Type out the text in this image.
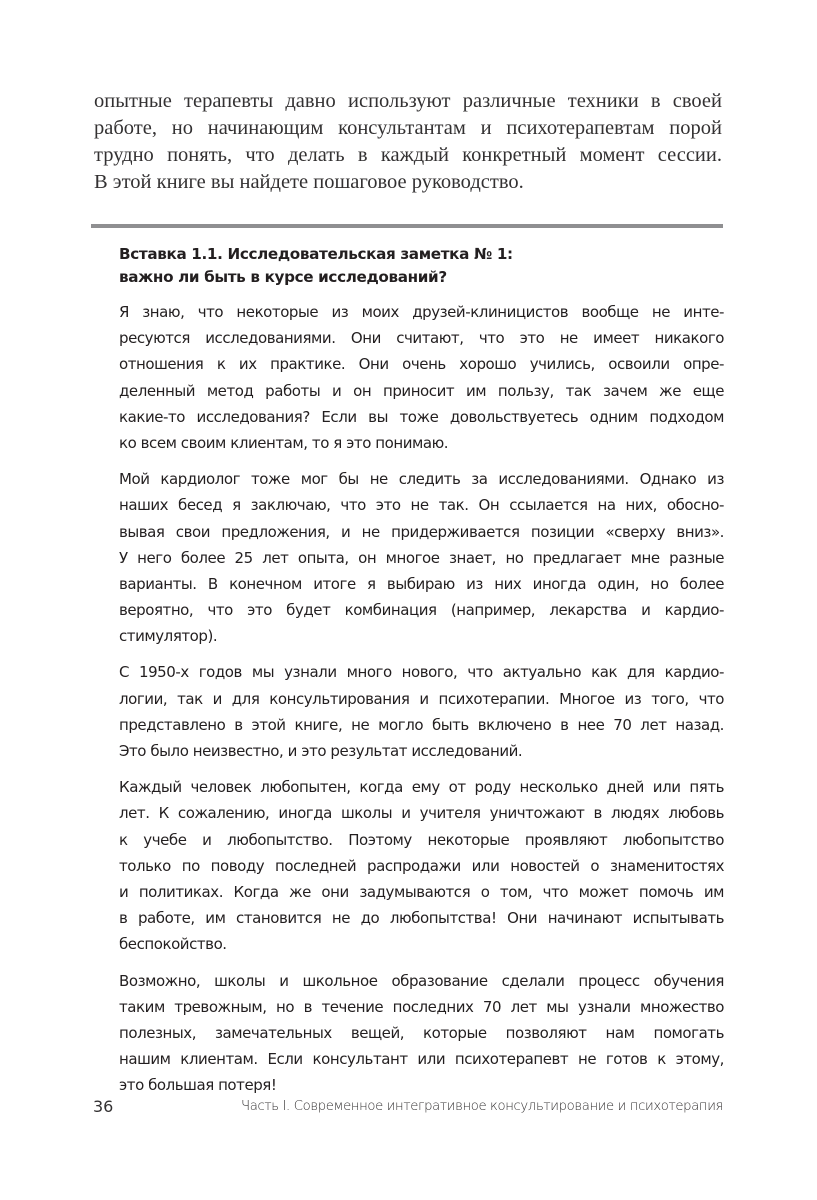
опытные терапевты давно используют различные техники в своей
работе, но начинающим консультантам и психотерапевтам порой
трудно понять, что делать в каждый конкретный момент сессии.
В этой книге вы найдете пошаговое руководство.
Вставка 1.1. Исследовательская заметка № 1:
важно ли быть в курсе исследований?
Я знаю, что некоторые из моих друзей-клиницистов вообще не инте-
ресуются исследованиями. Они считают, что это не имеет никакого
отношения к их практике. Они очень хорошо учились, освоили опре-
деленный метод работы и он приносит им пользу, так зачем же еще
какие-то исследования? Если вы тоже довольствуетесь одним подходом
ко всем своим клиентам, то я это понимаю.
Мой кардиолог тоже мог бы не следить за исследованиями. Однако из
наших бесед я заключаю, что это не так. Он ссылается на них, обосно-
вывая свои предложения, и не придерживается позиции «сверху вниз».
У него более 25 лет опыта, он многое знает, но предлагает мне разные
варианты. В конечном итоге я выбираю из них иногда один, но более
вероятно, что это будет комбинация (например, лекарства и кардио-
стимулятор).
С 1950-х годов мы узнали много нового, что актуально как для кардио-
логии, так и для консультирования и психотерапии. Многое из того, что
представлено в этой книге, не могло быть включено в нее 70 лет назад.
Это было неизвестно, и это результат исследований.
Каждый человек любопытен, когда ему от роду несколько дней или пять
лет. К сожалению, иногда школы и учителя уничтожают в людях любовь
к учебе и любопытство. Поэтому некоторые проявляют любопытство
только по поводу последней распродажи или новостей о знаменитостях
и политиках. Когда же они задумываются о том, что может помочь им
в работе, им становится не до любопытства! Они начинают испытывать
беспокойство.
Возможно, школы и школьное образование сделали процесс обучения
таким тревожным, но в течение последних 70 лет мы узнали множество
полезных, замечательных вещей, которые позволяют нам помогать
нашим клиентам. Если консультант или психотерапевт не готов к этому,
это большая потеря!
36	Часть I. Современное интегративное консультирование и психотерапия
